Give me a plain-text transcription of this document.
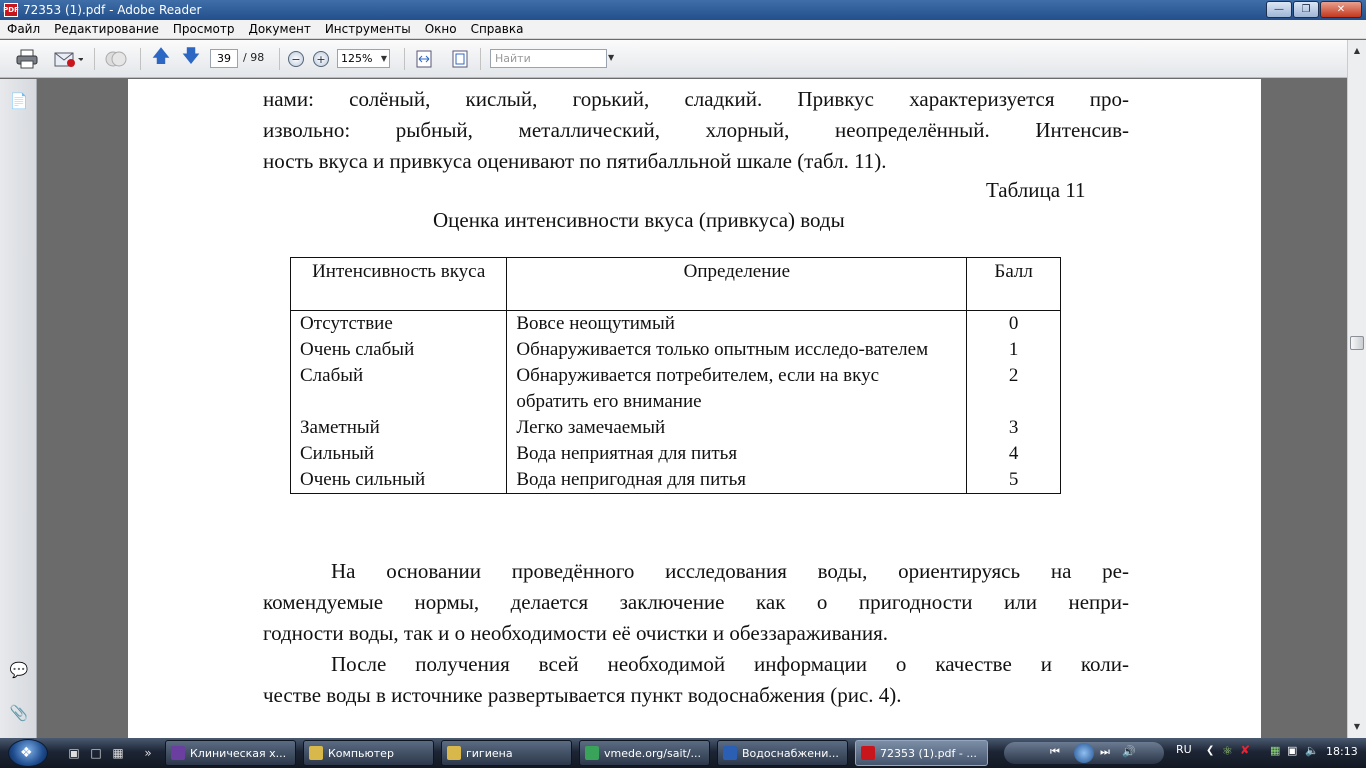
PDF 72353 (1).pdf - Adobe Reader	— ❐	✕
Файл	Редактирование	Просмотр	Документ	Инструменты	Окно	Справка
🡅 🡇	39	/ 98	−	+	125% ▼	Найти	▼
📄
💬
📎
нами: солёный, кислый, горький, сладкий. Привкус характеризуется про-
извольно: рыбный, металлический, хлорный, неопределённый. Интенсив-
ность вкуса и привкуса оценивают по пятибалльной шкале (табл. 11).
Таблица 11
Оценка интенсивности вкуса (привкуса) воды
Интенсивность вкуса	Определение	Балл
Отсутствие	Вовсе неощутимый	0
Очень слабый	Обнаруживается только опытным исследо-вателем	1
Слабый	Обнаруживается потребителем, если на вкус обратить его внимание	2
Заметный	Легко замечаемый	3
Сильный	Вода неприятная для питья	4
Очень сильный	Вода непригодная для питья	5
На основании проведённого исследования воды, ориентируясь на ре-
комендуемые нормы, делается заключение как о пригодности или непри-
годности воды, так и о необходимости её очистки и обеззараживания.
После получения всей необходимой информации о качестве и коли-
честве воды в источнике развертывается пункт водоснабжения (рис. 4).
▲
▼
❖	▣ □ ▦	»	Клиническая х...	Компьютер	гигиена	vmede.org/sait/...	Водоснабжени...	72353 (1).pdf - ...	⏮	⏭ 🔊	RU ❮ ⚛ ✘ ▦ ▣ 🔈 18:13
